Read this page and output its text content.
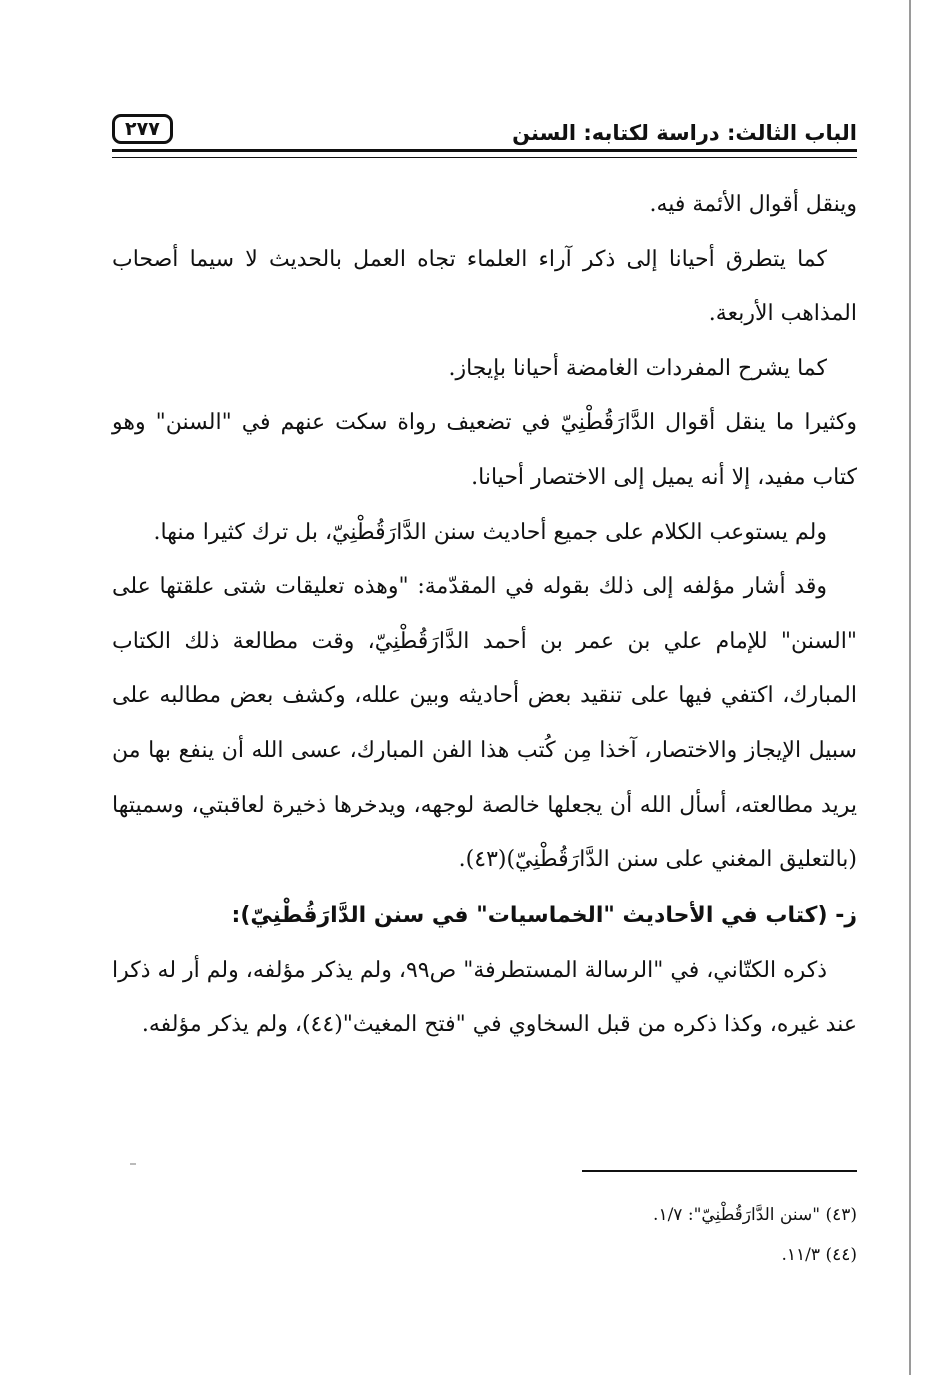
الباب الثالث: دراسة لكتابه: السنن
٢٧٧

وينقل أقوال الأئمة فيه.

كما يتطرق أحيانا إلى ذكر آراء العلماء تجاه العمل بالحديث لا سيما أصحاب المذاهب الأربعة.

كما يشرح المفردات الغامضة أحيانا بإيجاز.

وكثيرا ما ينقل أقوال الدَّارَقُطْنِيّ في تضعيف رواة سكت عنهم في "السنن" وهو كتاب مفيد، إلا أنه يميل إلى الاختصار أحيانا.

ولم يستوعب الكلام على جميع أحاديث سنن الدَّارَقُطْنِيّ، بل ترك كثيرا منها.

وقد أشار مؤلفه إلى ذلك بقوله في المقدّمة: "وهذه تعليقات شتى علقتها على "السنن" للإمام علي بن عمر بن أحمد الدَّارَقُطْنِيّ، وقت مطالعة ذلك الكتاب المبارك، اكتفي فيها على تنقيد بعض أحاديثه وبين علله، وكشف بعض مطالبه على سبيل الإيجاز والاختصار، آخذا مِن كُتب هذا الفن المبارك، عسى الله أن ينفع بها من يريد مطالعته، أسأل الله أن يجعلها خالصة لوجهه، ويدخرها ذخيرة لعاقبتي، وسميتها (بالتعليق المغني على سنن الدَّارَقُطْنِيّ)(٤٣).

ز- (كتاب في الأحاديث "الخماسيات" في سنن الدَّارَقُطْنِيّ):

ذكره الكتّاني، في "الرسالة المستطرفة" ص٩٩، ولم يذكر مؤلفه، ولم أر له ذكرا عند غيره، وكذا ذكره من قبل السخاوي في "فتح المغيث"(٤٤)، ولم يذكر مؤلفه.

(٤٣) "سنن الدَّارَقُطْنِيّ": ١/٧.

(٤٤) ١١/٣.
